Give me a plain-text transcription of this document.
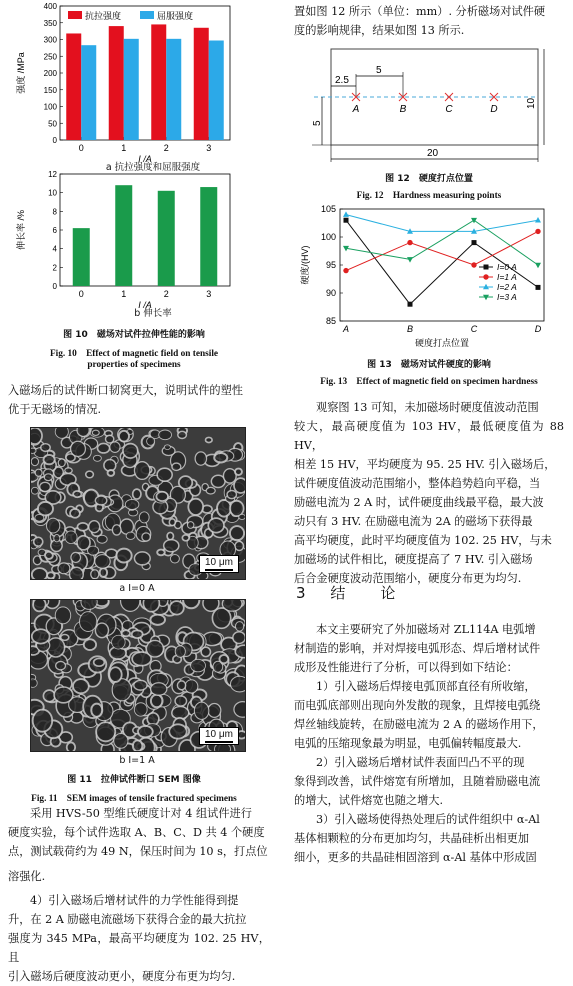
0
50
100
150
200
250
300
350
400
强度 /MPa
0	1	2	3
I /A
抗拉强度	屈服强度
a 抗拉强度和屈服强度
0
2
4
6
8
10
12
伸长率 /%
0	1	2	3
I /A
b 伸长率
图 10　磁场对试件拉伸性能的影响
Fig. 10　Effect of magnetic field on tensile
properties of specimens
入磁场后的试件断口韧窝更大，说明试件的塑性
优于无磁场的情况.
10 μm
a I=0 A
10 μm
b I=1 A
图 11　拉伸试件断口 SEM 图像
Fig. 11　SEM images of tensile fractured specimens
采用 HVS-50 型维氏硬度计对 4 组试件进行
硬度实验，每个试件选取 A、B、C、D 共 4 个硬度
点，测试载荷约为 49 N，保压时间为 10 s，打点位
溶强化.
4）引入磁场后增材试件的力学性能得到提
升，在 2 A 励磁电流磁场下获得合金的最大抗拉
强度为 345 MPa，最高平均硬度为 102. 25 HV，且
引入磁场后硬度波动更小，硬度分布更为均匀.
置如图 12 所示（单位：mm）. 分析磁场对试件硬
度的影响规律，结果如图 13 所示.
2.5
5
5
10
20
A	B	C	D
图 12　硬度打点位置
Fig. 12　Hardness measuring points
85
90
95
100
105
硬度/(HV)
A	B	C	D
硬度打点位置
I=0 A
I=1 A
I=2 A
I=3 A
图 13　磁场对试件硬度的影响
Fig. 13　Effect of magnetic field on specimen hardness
观察图 13 可知，未加磁场时硬度值波动范围
较大，最高硬度值为 103 HV，最低硬度值为 88 HV，
相差 15 HV，平均硬度为 95. 25 HV. 引入磁场后，
试件硬度值波动范围缩小，整体趋势趋向平稳，当
励磁电流为 2 A 时，试件硬度曲线最平稳，最大波
动只有 3 HV. 在励磁电流为 2A 的磁场下获得最
高平均硬度，此时平均硬度值为 102. 25 HV，与未
加磁场的试件相比，硬度提高了 7 HV. 引入磁场
后合金硬度波动范围缩小，硬度分布更为均匀.
3 结　论
本文主要研究了外加磁场对 ZL114A 电弧增
材制造的影响，并对焊接电弧形态、焊后增材试件
成形及性能进行了分析，可以得到如下结论：
1）引入磁场后焊接电弧顶部直径有所收缩，
而电弧底部则出现向外发散的现象，且焊接电弧绕
焊丝轴线旋转，在励磁电流为 2 A 的磁场作用下，
电弧的压缩现象最为明显，电弧偏转幅度最大.
2）引入磁场后增材试件表面凹凸不平的现
象得到改善，试件熔宽有所增加，且随着励磁电流
的增大，试件熔宽也随之增大.
3）引入磁场使得热处理后的试件组织中 α-Al
基体相颗粒的分布更加均匀，共晶硅析出相更加
细小，更多的共晶硅相固溶到 α-Al 基体中形成固
